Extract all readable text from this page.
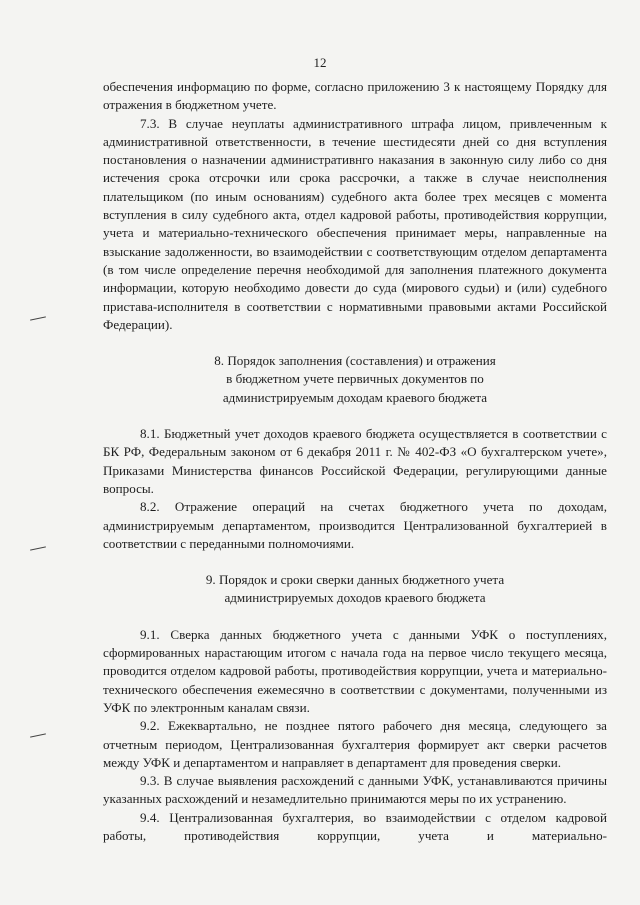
12

обеспечения информацию по форме, согласно приложению 3 к настоящему Порядку для отражения в бюджетном учете.

7.3. В случае неуплаты административного штрафа лицом, привлеченным к административной ответственности, в течение шестидесяти дней со дня вступления постановления о назначении административнго наказания в законную силу либо со дня истечения срока отсрочки или срока рассрочки, а также в случае неисполнения плательщиком (по иным основаниям) судебного акта более трех месяцев с момента вступления в силу судебного акта, отдел кадровой работы, противодействия коррупции, учета и материально-технического обеспечения принимает меры, направленные на взыскание задолженности, во взаимодействии с соответствующим отделом департамента (в том числе определение перечня необходимой для заполнения платежного документа информации, которую необходимо довести до суда (мирового судьи) и (или) судебного пристава-исполнителя в соответствии с нормативными правовыми актами Российской Федерации).

8. Порядок заполнения (составления) и отражения
в бюджетном учете первичных документов по
администрируемым доходам краевого бюджета

8.1. Бюджетный учет доходов краевого бюджета осуществляется в соответствии с БК РФ, Федеральным законом от 6 декабря 2011 г. № 402-ФЗ «О бухгалтерском учете», Приказами Министерства финансов Российской Федерации, регулирующими данные вопросы.

8.2. Отражение операций на счетах бюджетного учета по доходам, администрируемым департаментом, производится Централизованной бухгалтерией в соответствии с переданными полномочиями.

9. Порядок и сроки сверки данных бюджетного учета
администрируемых доходов краевого бюджета

9.1. Сверка данных бюджетного учета с данными УФК о поступлениях, сформированных нарастающим итогом с начала года на первое число текущего месяца, проводится отделом кадровой работы, противодействия коррупции, учета и материально-технического обеспечения ежемесячно в соответствии с документами, полученными из УФК по электронным каналам связи.

9.2. Ежеквартально, не позднее пятого рабочего дня месяца, следующего за отчетным периодом, Централизованная бухгалтерия формирует акт сверки расчетов между УФК и департаментом и направляет в департамент для проведения сверки.

9.3. В случае выявления расхождений с данными УФК, устанавливаются причины указанных расхождений и незамедлительно принимаются меры по их устранению.

9.4. Централизованная бухгалтерия, во взаимодействии с отделом кадровой работы, противодействия коррупции, учета и материально-
